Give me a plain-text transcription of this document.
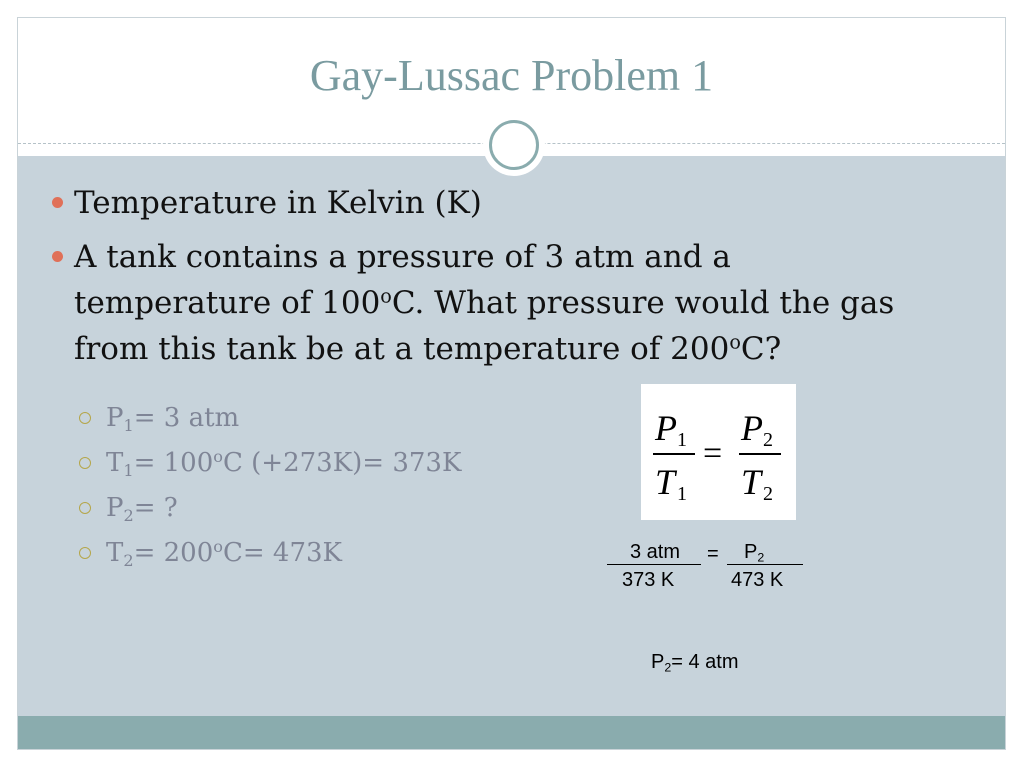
Gay-Lussac Problem 1
Temperature in Kelvin (K)
A tank contains a pressure of 3 atm and a
temperature of 100$^o$C. What pressure would the gas
from this tank be at a temperature of 200$^o$C?
$P_1= 3$ atm
$T_1= 100^oC$ (+273K)= 373K
$P_2=$ ?
$T_2= 200^oC= 473K$
P 1
T 1
=
P 2
T 2
3 atm
373 K
= $P_2$
473 K
$P_2= 4$ atm
